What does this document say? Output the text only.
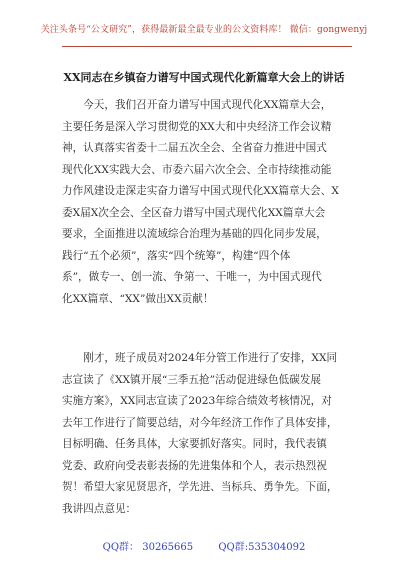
关注头条号“公文研究”，获得最新最全最专业的公文资料库！ 微信：gongwenyj
XX同志在乡镇奋力谱写中国式现代化新篇章大会上的讲话
　　今天，我们召开奋力谱写中国式现代化XX篇章大会，
主要任务是深入学习贯彻党的XX大和中央经济工作会议精
神，认真落实省委十二届五次全会、全省奋力推进中国式
现代化XX实践大会、市委六届六次全会、全市持续推动能
力作风建设走深走实奋力谱写中国式现代化XX篇章大会、X
委X届X次全会、全区奋力谱写中国式现代化XX篇章大会
要求，全面推进以流域综合治理为基础的四化同步发展，
践行“五个必须”，落实“四个统筹”，构建“四个体
系”，做专一、创一流、争第一、干唯一，为中国式现代
化XX篇章、“XX”做出XX贡献！
　　刚才，班子成员对2024年分管工作进行了安排，XX同
志宣读了《XX镇开展“三季五抢”活动促进绿色低碳发展
实施方案》，XX同志宣读了2023年综合绩效考核情况，对
去年工作进行了简要总结，对今年经济工作作了具体安排，
目标明确、任务具体，大家要抓好落实。同时，我代表镇
党委、政府向受表彰表扬的先进集体和个人，表示热烈祝
贺！希望大家见贤思齐，学先进、当标兵、勇争先。下面，
我讲四点意见：
QQ群： 30265665	QQ群:535304092
